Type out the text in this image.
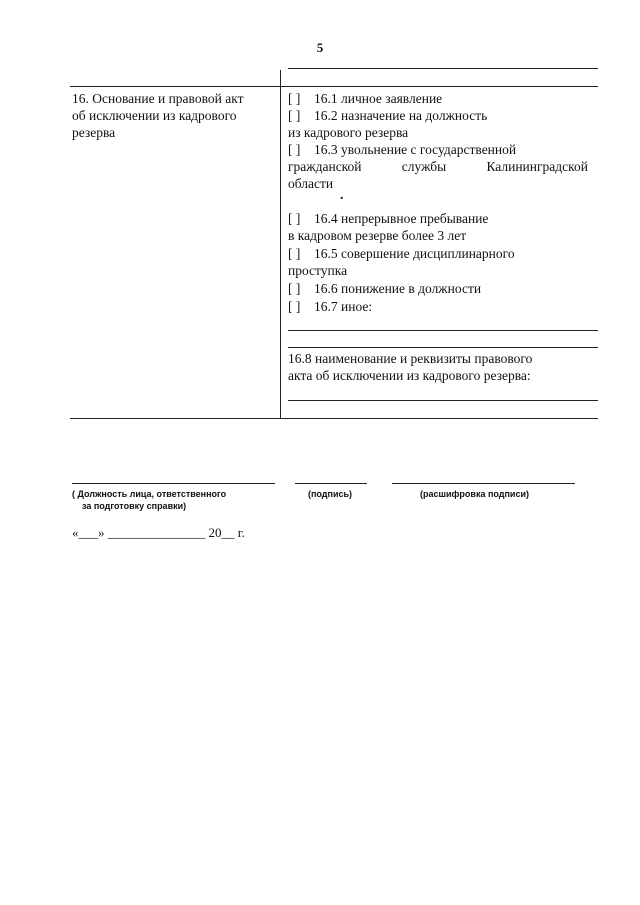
5
16. Основание и правовой акт
об исключении из кадрового
резерва
[ ] 16.1 личное заявление
[ ] 16.2 назначение на должность
из кадрового резерва
[ ] 16.3 увольнение с государственной
гражданской	службы	Калининградской
области
.
[ ] 16.4 непрерывное пребывание
в кадровом резерве более 3 лет
[ ] 16.5 совершение дисциплинарного
проступка
[ ] 16.6 понижение в должности
[ ] 16.7 иное:
16.8 наименование и реквизиты правового
акта об исключении из кадрового резерва:
( Должность лица, ответственного
за подготовку справки)
(подпись)	(расшифровка подписи)
«___» _______________ 20__ г.
